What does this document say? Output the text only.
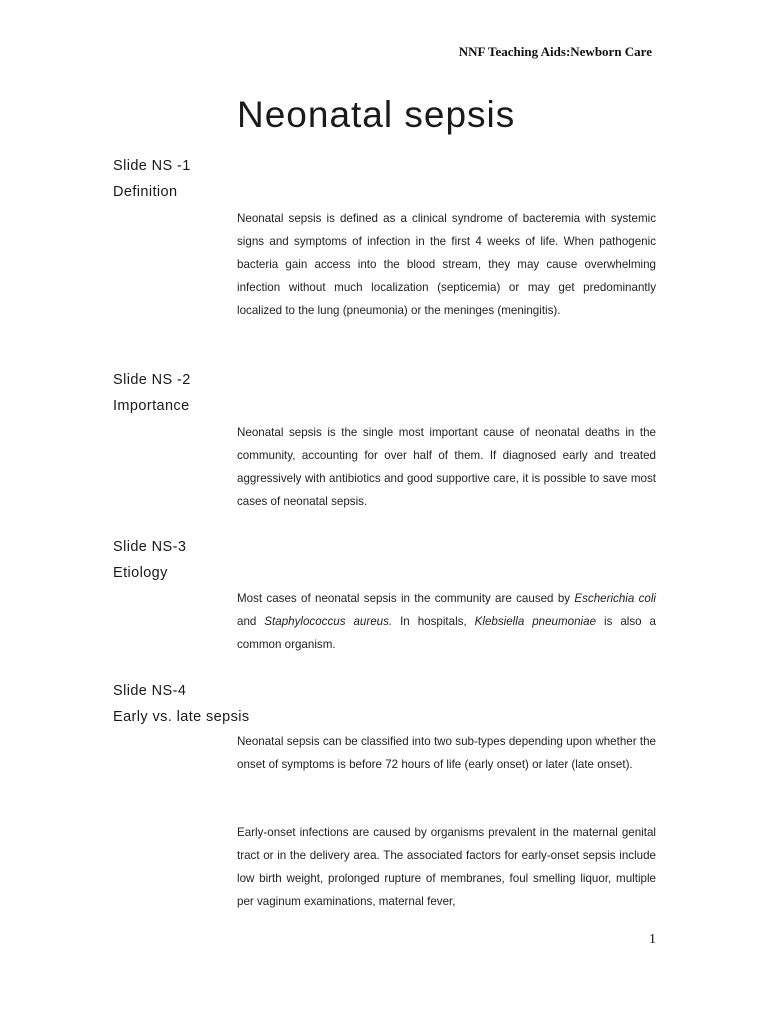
NNF Teaching Aids:Newborn Care
Neonatal sepsis
Slide NS -1
Definition

Neonatal sepsis is defined as a clinical syndrome of bacteremia with systemic signs and symptoms of infection in the first 4 weeks of life. When pathogenic bacteria gain access into the blood stream, they may cause overwhelming infection without much localization (septicemia) or may get predominantly localized to the lung (pneumonia) or the meninges (meningitis).

Slide NS -2
Importance

Neonatal sepsis is the single most important cause of neonatal deaths in the community, accounting for over half of them. If diagnosed early and treated aggressively with antibiotics and good supportive care, it is possible to save most cases of neonatal sepsis.

Slide NS-3
Etiology

Most cases of neonatal sepsis in the community are caused by Escherichia coli and Staphylococcus aureus. In hospitals, Klebsiella pneumoniae is also a common organism.

Slide NS-4
Early vs. late sepsis

Neonatal sepsis can be classified into two sub-types depending upon whether the onset of symptoms is before 72 hours of life (early onset) or later (late onset).

Early-onset infections are caused by organisms prevalent in the maternal genital tract or in the delivery area. The associated factors for early-onset sepsis include low birth weight, prolonged rupture of membranes, foul smelling liquor, multiple per vaginum examinations, maternal fever,

1
